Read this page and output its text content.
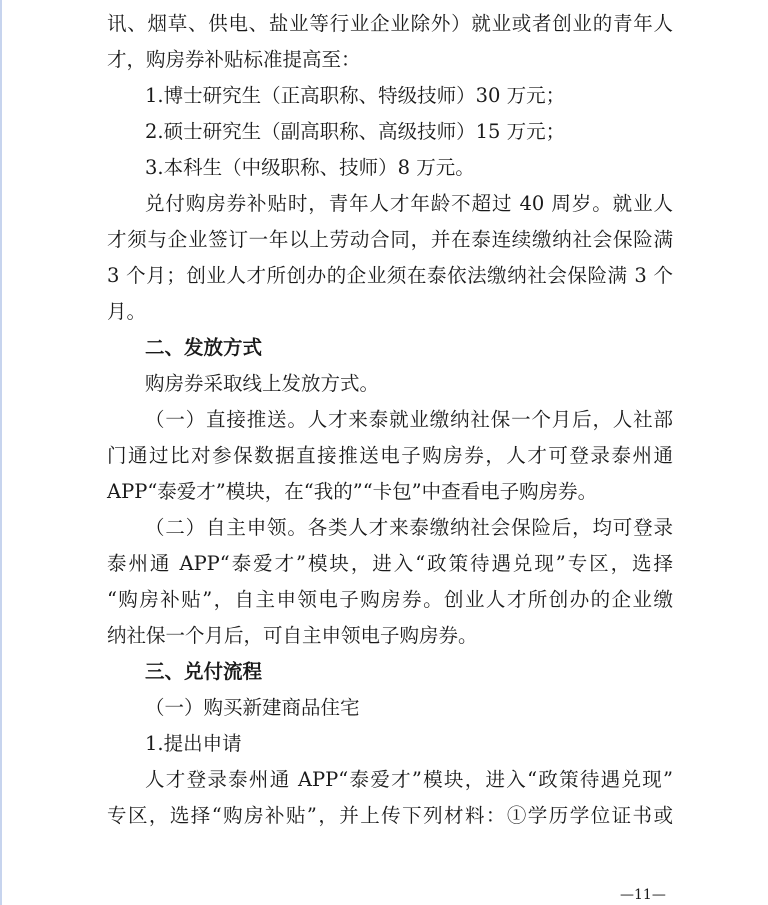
讯、烟草、供电、盐业等行业企业除外）就业或者创业的青年人
才，购房券补贴标准提高至：
1.博士研究生（正高职称、特级技师）30 万元；
2.硕士研究生（副高职称、高级技师）15 万元；
3.本科生（中级职称、技师）8 万元。
兑付购房券补贴时，青年人才年龄不超过 40 周岁。就业人
才须与企业签订一年以上劳动合同，并在泰连续缴纳社会保险满
3 个月；创业人才所创办的企业须在泰依法缴纳社会保险满 3 个
月。
二、发放方式
购房券采取线上发放方式。
（一）直接推送。人才来泰就业缴纳社保一个月后，人社部
门通过比对参保数据直接推送电子购房券，人才可登录泰州通
APP“泰爱才”模块，在“我的”“卡包”中查看电子购房券。
（二）自主申领。各类人才来泰缴纳社会保险后，均可登录
泰州通 APP“泰爱才”模块，进入“政策待遇兑现”专区，选择
“购房补贴”，自主申领电子购房券。创业人才所创办的企业缴
纳社保一个月后，可自主申领电子购房券。
三、兑付流程
（一）购买新建商品住宅
1.提出申请
人才登录泰州通 APP“泰爱才”模块，进入“政策待遇兑现”
专区，选择“购房补贴”，并上传下列材料：①学历学位证书或
—11—
